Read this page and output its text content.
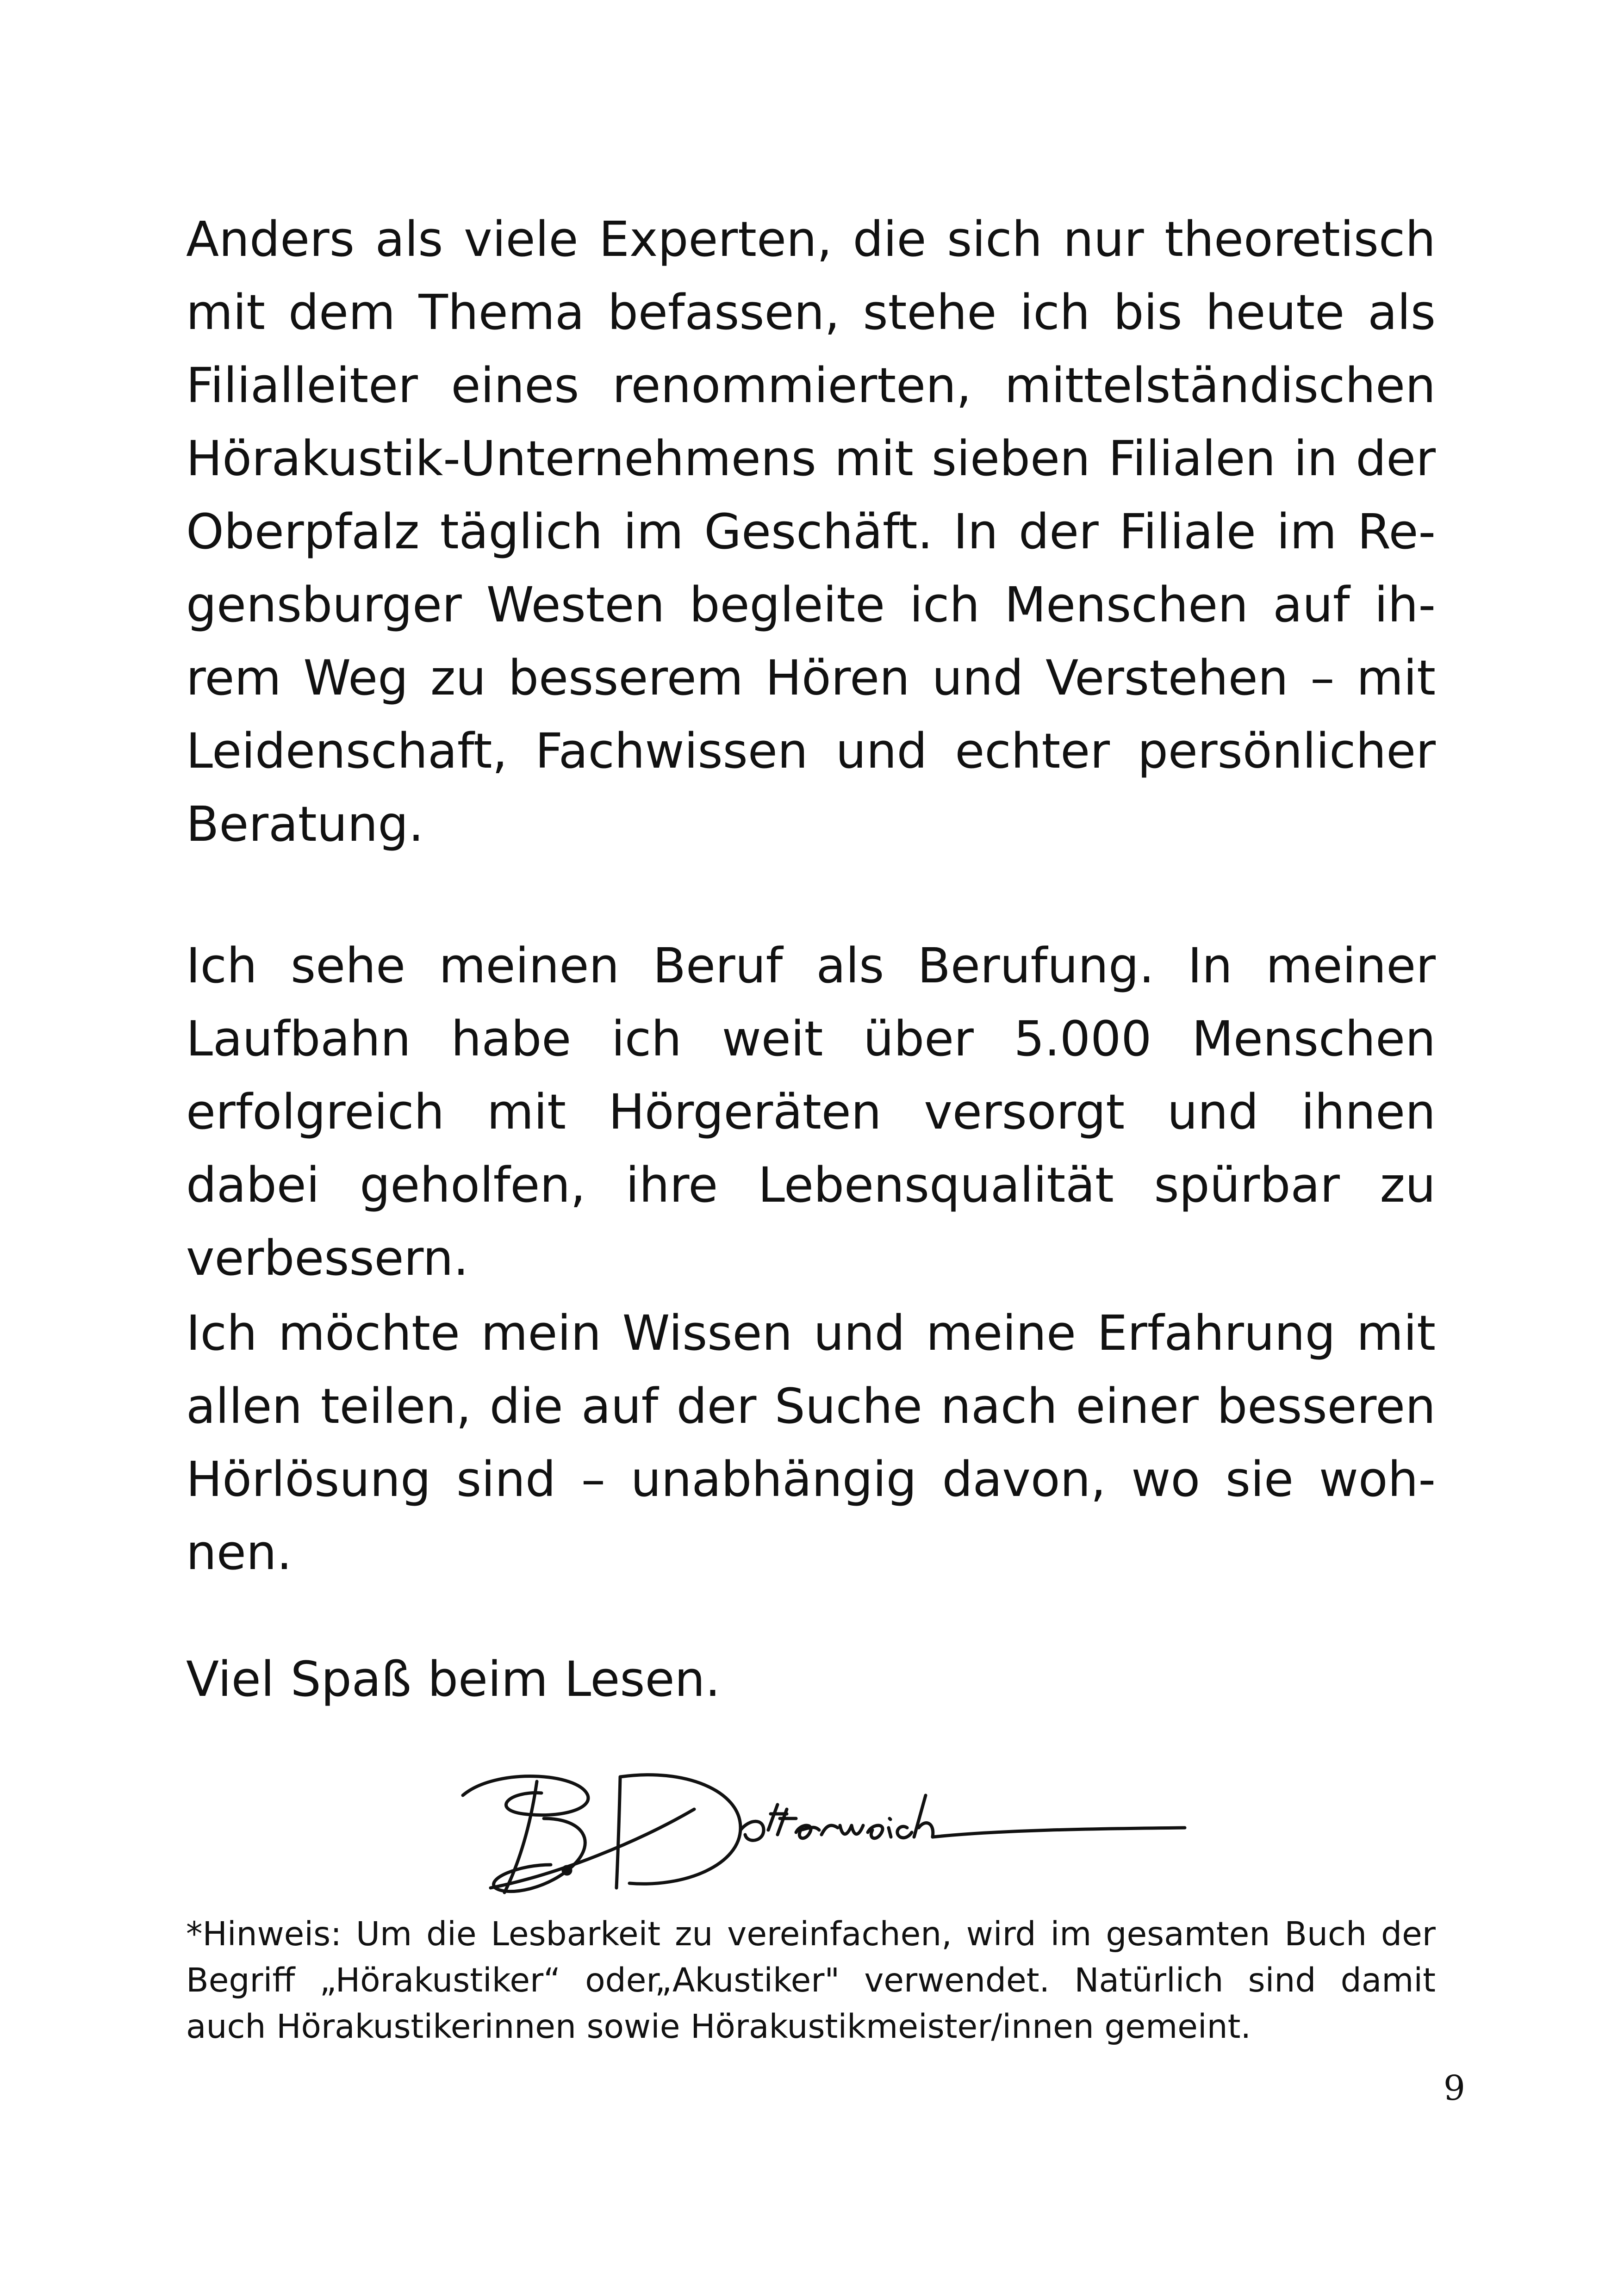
Anders als viele Experten, die sich nur theoretisch mit dem Thema befassen, stehe ich bis heute als Filialleiter eines renommierten, mittelständischen Hörakustik-Unternehmens mit sieben Filialen in der Oberpfalz täglich im Geschäft. In der Filiale im Regensburger Westen begleite ich Menschen auf ihrem Weg zu besserem Hören und Verstehen – mit Leidenschaft, Fachwissen und echter persönlicher Beratung.

Ich sehe meinen Beruf als Berufung. In meiner Laufbahn habe ich weit über 5.000 Menschen erfolgreich mit Hörgeräten versorgt und ihnen dabei geholfen, ihre Lebensqualität spürbar zu verbessern.

Ich möchte mein Wissen und meine Erfahrung mit allen teilen, die auf der Suche nach einer besseren Hörlösung sind – unabhängig davon, wo sie wohnen.

Viel Spaß beim Lesen.

*Hinweis: Um die Lesbarkeit zu vereinfachen, wird im gesamten Buch der Begriff „Hörakustiker“ oder„Akustiker" verwendet. Natürlich sind damit auch Hörakustikerinnen sowie Hörakustikmeister/innen gemeint.

9
